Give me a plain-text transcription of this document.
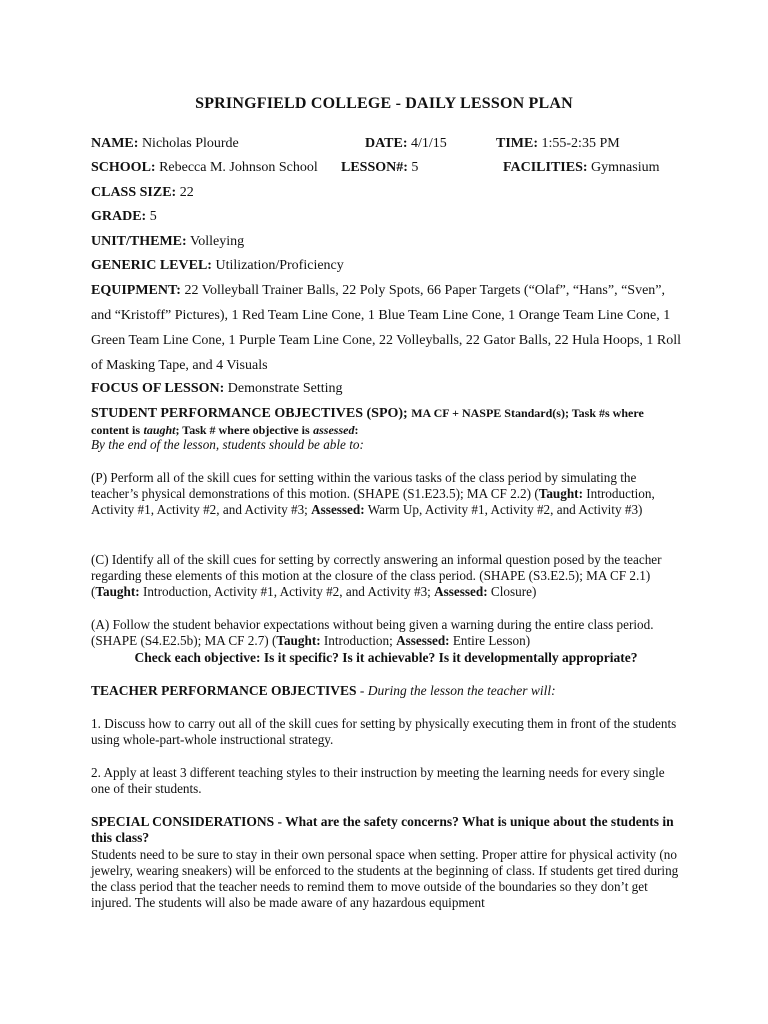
SPRINGFIELD COLLEGE - DAILY LESSON PLAN
NAME: Nicholas Plourde	DATE: 4/1/15	TIME: 1:55-2:35 PM
SCHOOL: Rebecca M. Johnson School LESSON#: 5	FACILITIES: Gymnasium
CLASS SIZE: 22
GRADE: 5
UNIT/THEME: Volleying
GENERIC LEVEL: Utilization/Proficiency
EQUIPMENT: 22 Volleyball Trainer Balls, 22 Poly Spots, 66 Paper Targets (“Olaf”, “Hans”, “Sven”,
and “Kristoff” Pictures), 1 Red Team Line Cone, 1 Blue Team Line Cone, 1 Orange Team Line Cone, 1
Green Team Line Cone, 1 Purple Team Line Cone, 22 Volleyballs, 22 Gator Balls, 22 Hula Hoops, 1 Roll
of Masking Tape, and 4 Visuals
FOCUS OF LESSON: Demonstrate Setting
STUDENT PERFORMANCE OBJECTIVES (SPO); MA CF + NASPE Standard(s); Task #s where
content is taught; Task # where objective is assessed:
By the end of the lesson, students should be able to:
(P) Perform all of the skill cues for setting within the various tasks of the class period by simulating the teacher’s physical demonstrations of this motion. (SHAPE (S1.E23.5); MA CF 2.2) (Taught: Introduction, Activity #1, Activity #2, and Activity #3; Assessed: Warm Up, Activity #1, Activity #2, and Activity #3)
(C) Identify all of the skill cues for setting by correctly answering an informal question posed by the teacher regarding these elements of this motion at the closure of the class period. (SHAPE (S3.E2.5); MA CF 2.1) (Taught: Introduction, Activity #1, Activity #2, and Activity #3; Assessed: Closure)
(A) Follow the student behavior expectations without being given a warning during the entire class period. (SHAPE (S4.E2.5b); MA CF 2.7) (Taught: Introduction; Assessed: Entire Lesson)
Check each objective: Is it specific? Is it achievable? Is it developmentally appropriate?
TEACHER PERFORMANCE OBJECTIVES - During the lesson the teacher will:
1. Discuss how to carry out all of the skill cues for setting by physically executing them in front of the students using whole-part-whole instructional strategy.
2. Apply at least 3 different teaching styles to their instruction by meeting the learning needs for every single one of their students.
SPECIAL CONSIDERATIONS - What are the safety concerns? What is unique about the students in this class?
Students need to be sure to stay in their own personal space when setting. Proper attire for physical activity (no jewelry, wearing sneakers) will be enforced to the students at the beginning of class. If students get tired during the class period that the teacher needs to remind them to move outside of the boundaries so they don’t get injured. The students will also be made aware of any hazardous equipment
